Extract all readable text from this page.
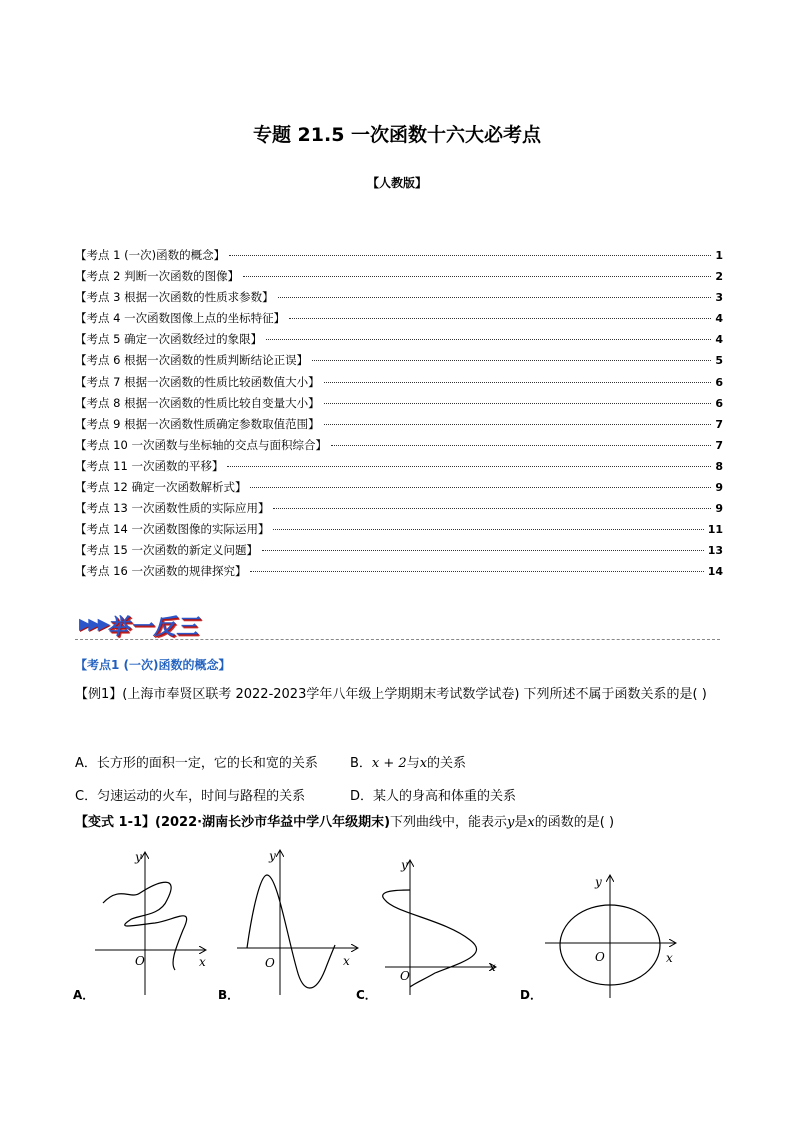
专题 21.5 一次函数十六大必考点
【人教版】
【考点 1 (一次)函数的概念】	1
【考点 2 判断一次函数的图像】	2
【考点 3 根据一次函数的性质求参数】	3
【考点 4 一次函数图像上点的坐标特征】	4
【考点 5 确定一次函数经过的象限】	4
【考点 6 根据一次函数的性质判断结论正误】	5
【考点 7 根据一次函数的性质比较函数值大小】	6
【考点 8 根据一次函数的性质比较自变量大小】	6
【考点 9 根据一次函数性质确定参数取值范围】	7
【考点 10 一次函数与坐标轴的交点与面积综合】	7
【考点 11 一次函数的平移】	8
【考点 12 确定一次函数解析式】	9
【考点 13 一次函数性质的实际应用】	9
【考点 14 一次函数图像的实际运用】	11
【考点 15 一次函数的新定义问题】	13
【考点 16 一次函数的规律探究】	14
▶▶▶ 举一反三
【考点1 (一次)函数的概念】
【例1】(上海市奉贤区联考 2022-2023学年八年级上学期期末考试数学试卷) 下列所述不属于函数关系的是( )
A．长方形的面积一定，它的长和宽的关系 B．x + 2与x的关系
C．匀速运动的火车，时间与路程的关系	D．某人的身高和体重的关系
【变式 1-1】(2022·湖南长沙市华益中学八年级期末)下列曲线中，能表示y是x的函数的是( )
O	x
y
A．
O	x
y
B．
O
x
y
C．
O	x
y
D．
